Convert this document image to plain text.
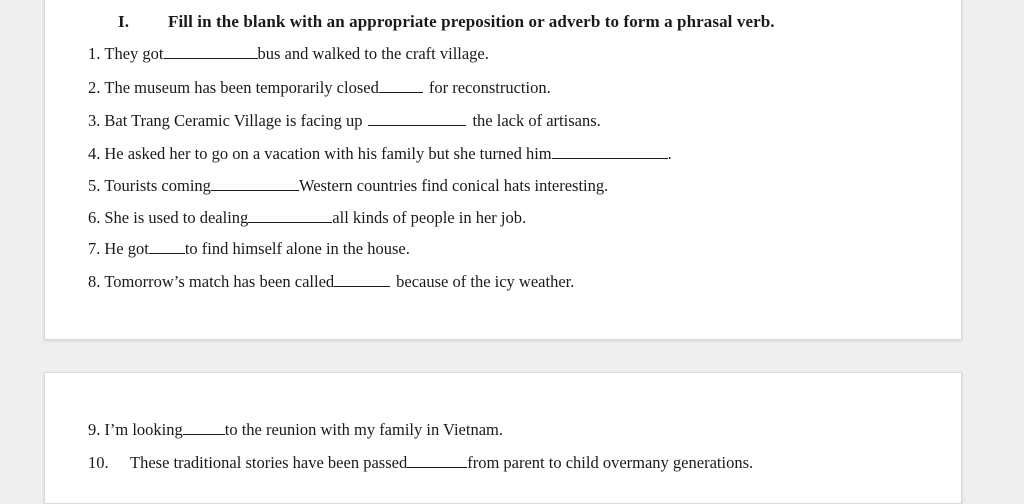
I. Fill in the blank with an appropriate preposition or adverb to form a phrasal verb.
1. They got	bus and walked to the craft village.
2. The museum has been temporarily closed	for reconstruction.
3. Bat Trang Ceramic Village is facing up	the lack of artisans.
4. He asked her to go on a vacation with his family but she turned him	.
5. Tourists coming	Western countries find conical hats interesting.
6. She is used to dealing	all kinds of people in her job.
7. He got to find himself alone in the house.
8. Tomorrow’s match has been called	because of the icy weather.
9. I’m looking	to the reunion with my family in Vietnam.
10. These traditional stories have been passed	from parent to child overmany generations.
